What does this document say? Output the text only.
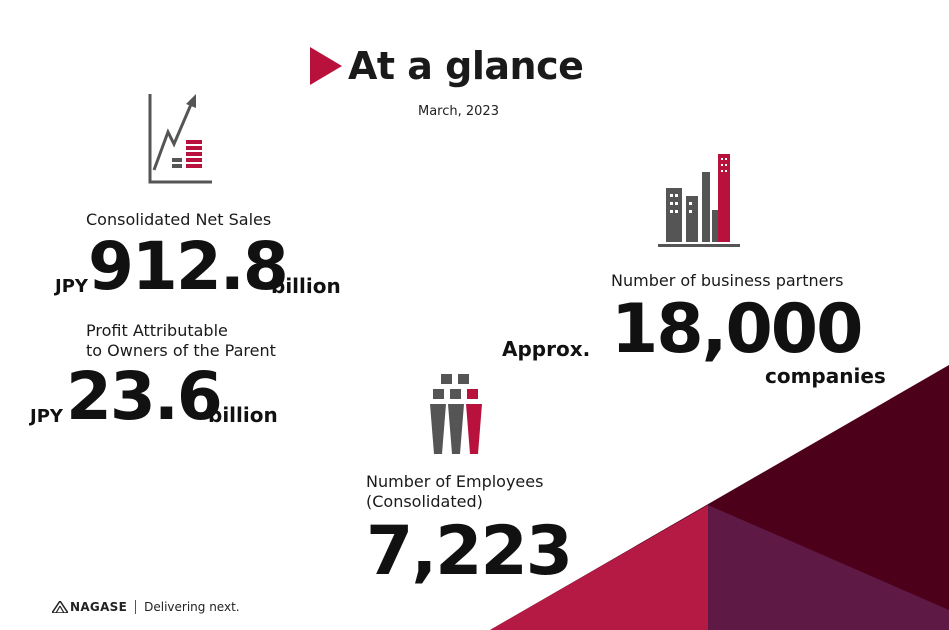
At a glance
March, 2023
Consolidated Net Sales
JPY 912.8
billion
Profit Attributable
to Owners of the Parent
JPY 23.6
billion
Number of business partners
Approx. 18,000
companies
Number of Employees
(Consolidated)
7,223
NAGASE Delivering next.
